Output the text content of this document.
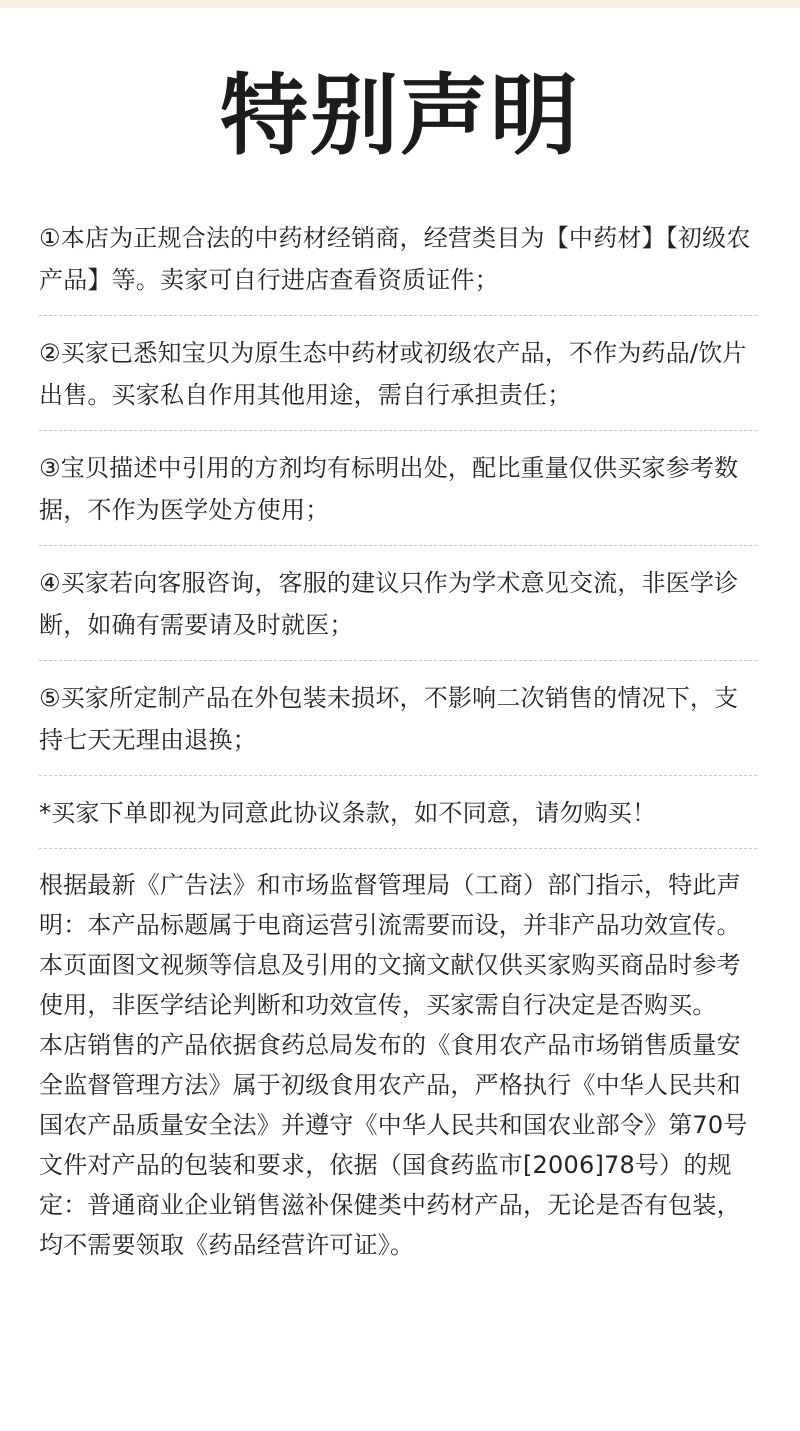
特别声明
①本店为正规合法的中药材经销商，经营类目为【中药材】【初级农产品】等。卖家可自行进店查看资质证件；
②买家已悉知宝贝为原生态中药材或初级农产品，不作为药品/饮片出售。买家私自作用其他用途，需自行承担责任；
③宝贝描述中引用的方剂均有标明出处，配比重量仅供买家参考数据，不作为医学处方使用；
④买家若向客服咨询，客服的建议只作为学术意见交流，非医学诊断，如确有需要请及时就医；
⑤买家所定制产品在外包装未损坏，不影响二次销售的情况下，支持七天无理由退换；
*买家下单即视为同意此协议条款，如不同意，请勿购买！
根据最新《广告法》和市场监督管理局（工商）部门指示，特此声明：本产品标题属于电商运营引流需要而设，并非产品功效宣传。本页面图文视频等信息及引用的文摘文献仅供买家购买商品时参考使用，非医学结论判断和功效宣传，买家需自行决定是否购买。
本店销售的产品依据食药总局发布的《食用农产品市场销售质量安全监督管理方法》属于初级食用农产品，严格执行《中华人民共和国农产品质量安全法》并遵守《中华人民共和国农业部令》第70号文件对产品的包装和要求，依据（国食药监市[2006]78号）的规定：普通商业企业销售滋补保健类中药材产品，无论是否有包装，均不需要领取《药品经营许可证》。
